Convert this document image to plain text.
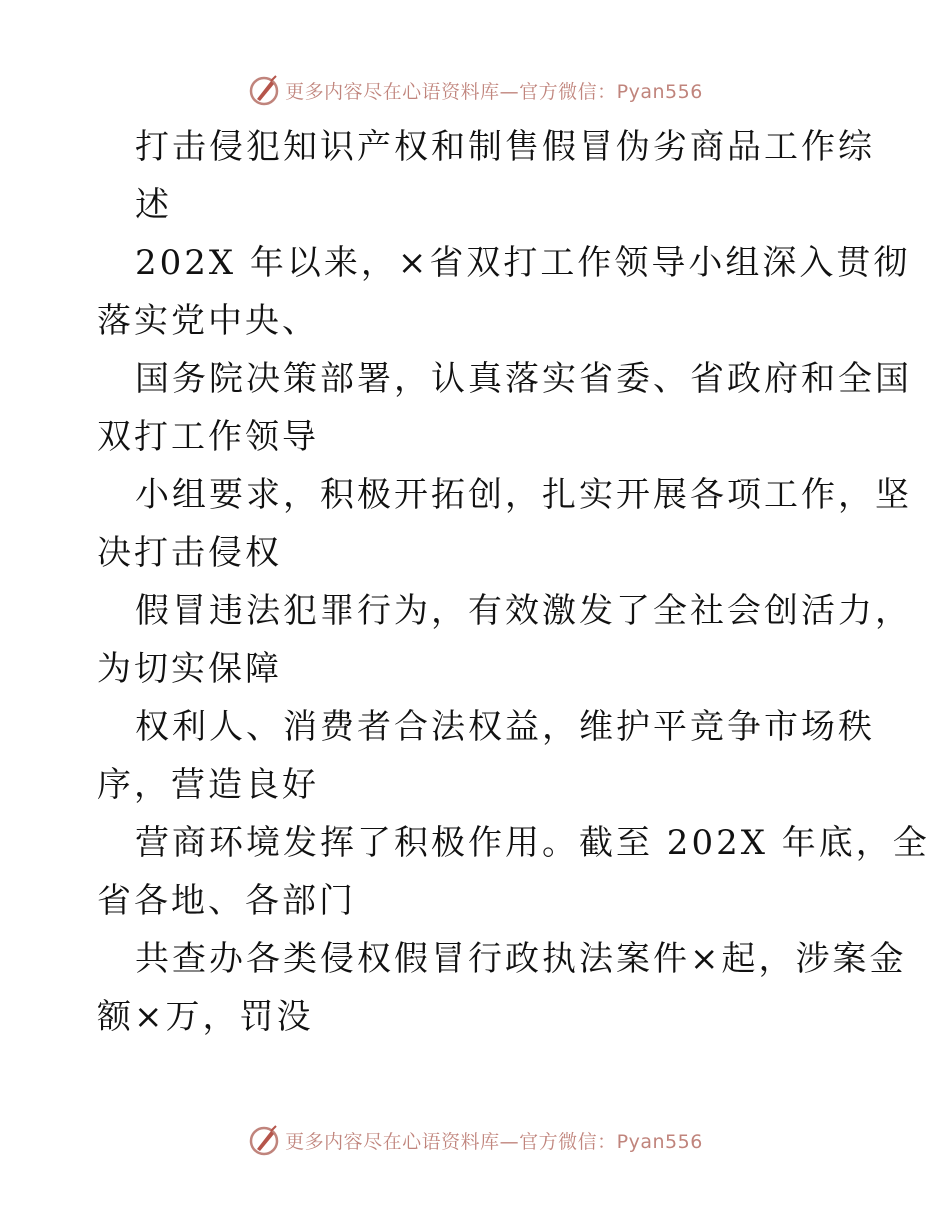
更多内容尽在心语资料库—官方微信：Pyan556
打击侵犯知识产权和制售假冒伪劣商品工作综
述
202X 年以来，×省双打工作领导小组深入贯彻
落实党中央、
国务院决策部署，认真落实省委、省政府和全国
双打工作领导
小组要求，积极开拓创，扎实开展各项工作，坚
决打击侵权
假冒违法犯罪行为，有效激发了全社会创活力，
为切实保障
权利人、消费者合法权益，维护平竞争市场秩
序，营造良好
营商环境发挥了积极作用。截至 202X 年底，全
省各地、各部门
共查办各类侵权假冒行政执法案件×起，涉案金
额×万，罚没
更多内容尽在心语资料库—官方微信：Pyan556
